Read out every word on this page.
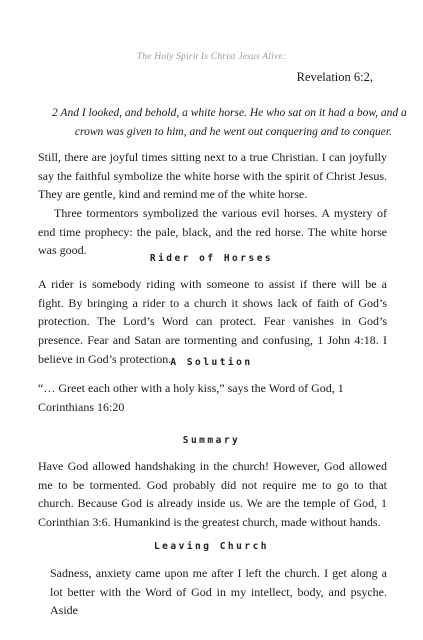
The Holy Spirit Is Christ Jesus Alive:
Revelation 6:2,
2 And I looked, and behold, a white horse. He who sat on it had a bow, and a
crown was given to him, and he went out conquering and to conquer.

Still, there are joyful times sitting next to a true Christian. I can joyfully say the faithful symbolize the white horse with the spirit of Christ Jesus. They are gentle, kind and remind me of the white horse.

Three tormentors symbolized the various evil horses. A mystery of end time prophecy: the pale, black, and the red horse. The white horse was good.

Rider of Horses

A rider is somebody riding with someone to assist if there will be a fight. By bringing a rider to a church it shows lack of faith of God’s protection. The Lord’s Word can protect. Fear vanishes in God’s presence. Fear and Satan are tormenting and confusing, 1 John 4:18. I believe in God’s protection. A Solution

“… Greet each other with a holy kiss,” says the Word of God, 1 Corinthians 16:20

Summary

Have God allowed handshaking in the church! However, God allowed me to be tormented. God probably did not require me to go to that church. Because God is already inside us. We are the temple of God, 1 Corinthian 3:6. Humankind is the greatest church, made without hands.

Leaving Church

Sadness, anxiety came upon me after I left the church. I get along a lot better with the Word of God in my intellect, body, and psyche. Aside
